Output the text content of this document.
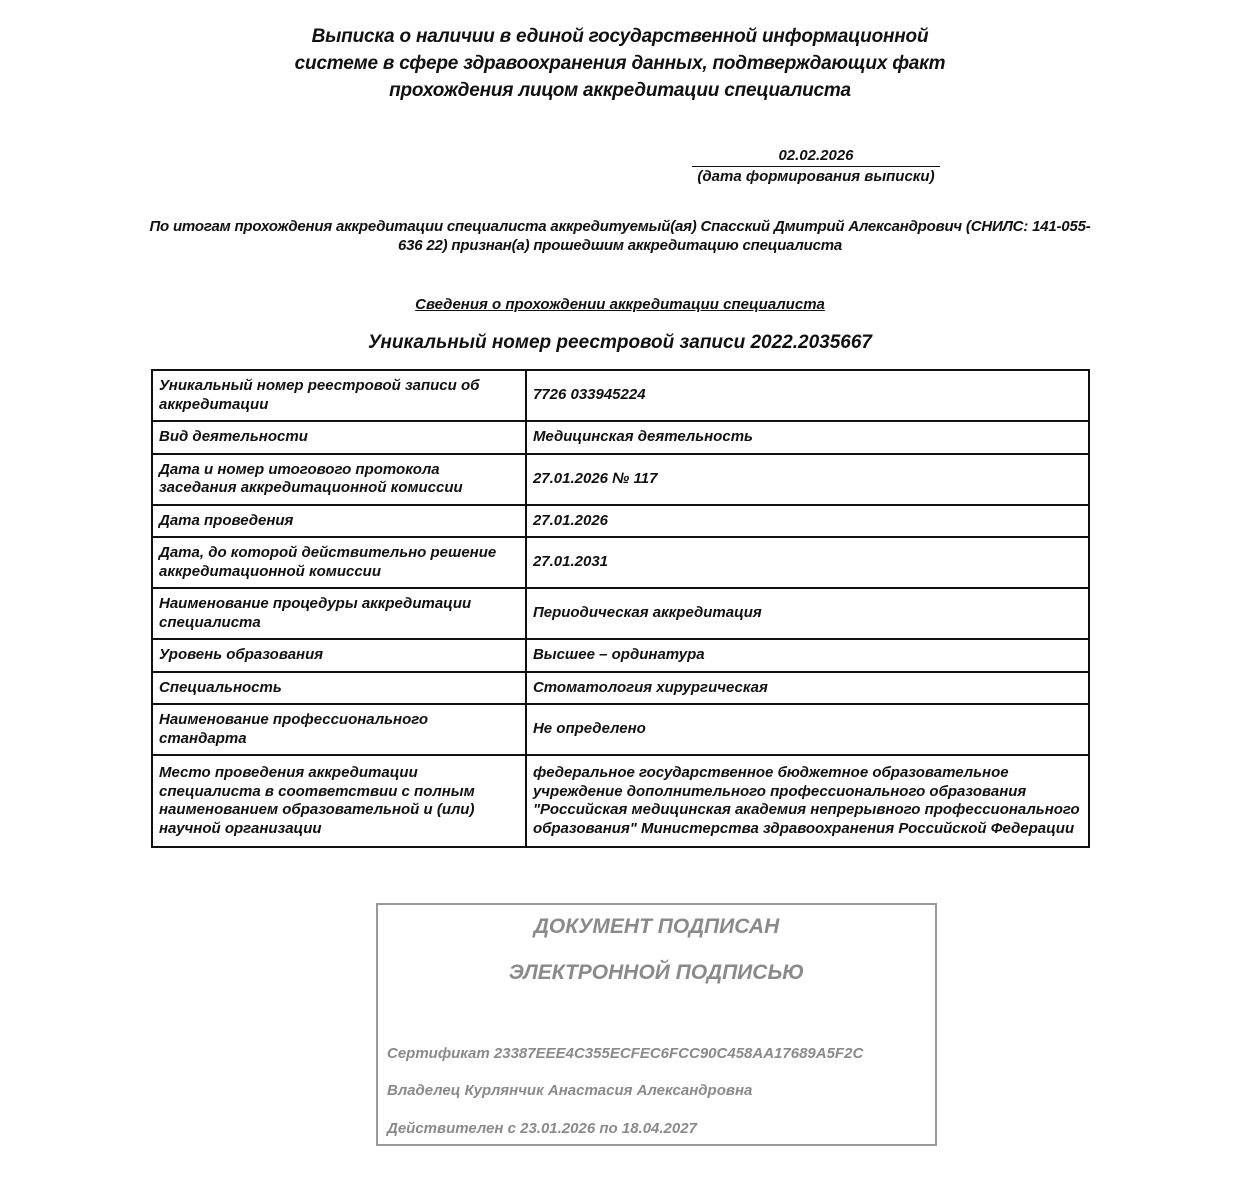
Выписка о наличии в единой государственной информационной
системе в сфере здравоохранения данных, подтверждающих факт
прохождения лицом аккредитации специалиста
02.02.2026
(дата формирования выписки)
По итогам прохождения аккредитации специалиста аккредитуемый(ая) Спасский Дмитрий Александрович (СНИЛС: 141-055-636 22) признан(а) прошедшим аккредитацию специалиста
Сведения о прохождении аккредитации специалиста
Уникальный номер реестровой записи 2022.2035667
Уникальный номер реестровой записи об аккредитации	7726 033945224
Вид деятельности	Медицинская деятельность
Дата и номер итогового протокола заседания аккредитационной комиссии	27.01.2026 № 117
Дата проведения	27.01.2026
Дата, до которой действительно решение аккредитационной комиссии	27.01.2031
Наименование процедуры аккредитации специалиста	Периодическая аккредитация
Уровень образования	Высшее – ординатура
Специальность	Стоматология хирургическая
Наименование профессионального стандарта	Не определено
Место проведения аккредитации специалиста в соответствии с полным наименованием образовательной и (или) научной организации	федеральное государственное бюджетное образовательное учреждение дополнительного профессионального образования "Российская медицинская академия непрерывного профессионального образования" Министерства здравоохранения Российской Федерации
ДОКУМЕНТ ПОДПИСАН
ЭЛЕКТРОННОЙ ПОДПИСЬЮ
Сертификат 23387EEE4C355ECFEC6FCC90C458AA17689A5F2C
Владелец Курлянчик Анастасия Александровна
Действителен с 23.01.2026 по 18.04.2027
